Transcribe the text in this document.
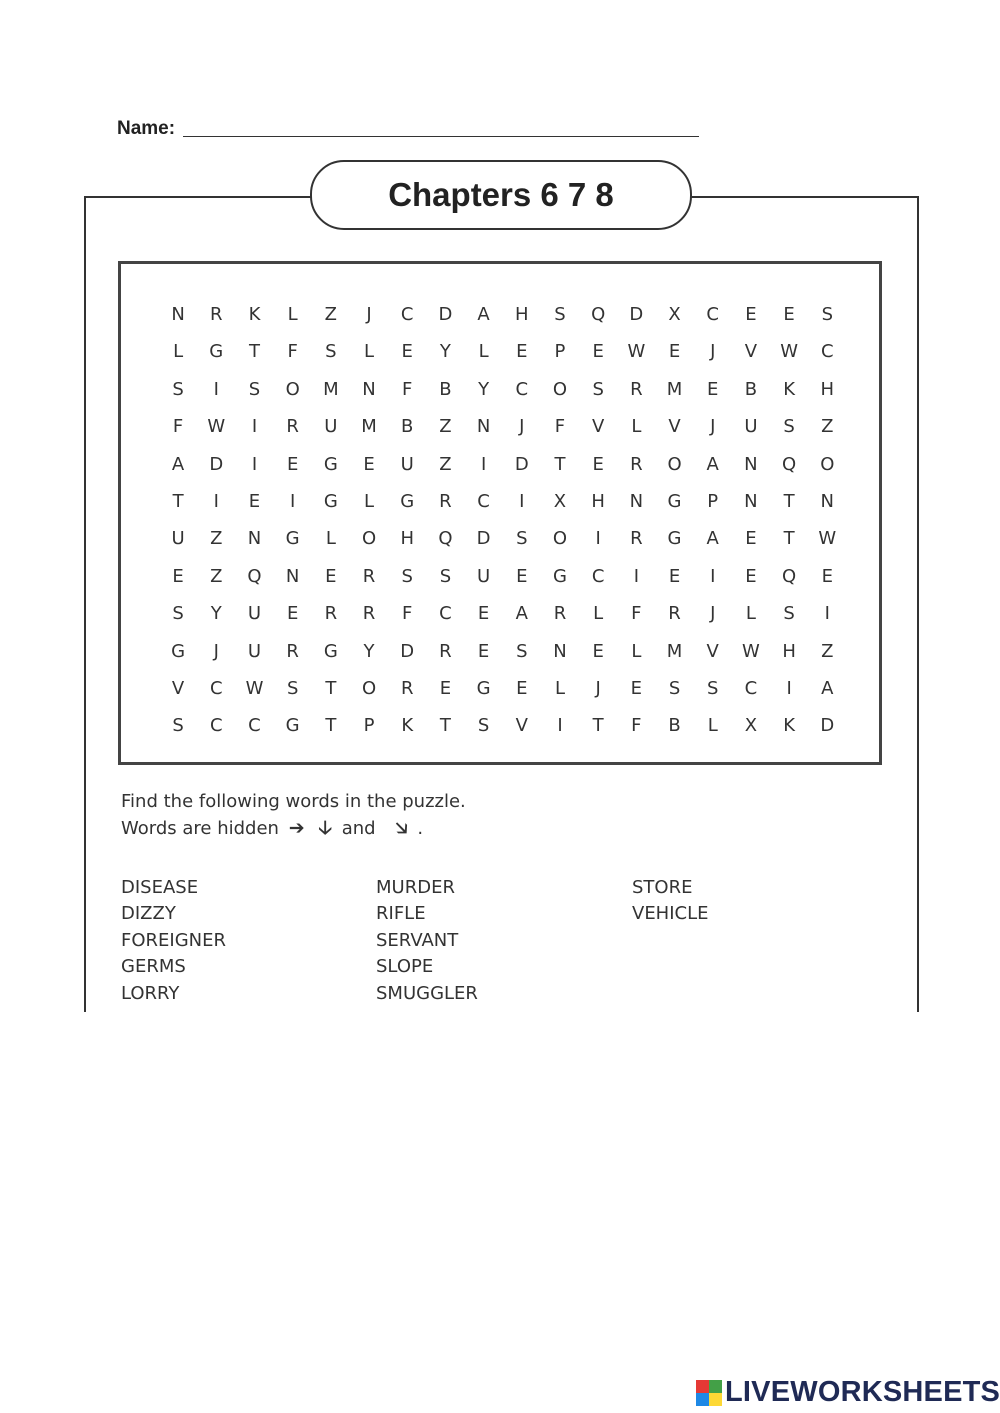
Name:
Chapters 6 7 8
N	R	K	L	Z	J	C	D	A	H	S	Q	D	X	C	E	E	S
L	G	T	F	S	L	E	Y	L	E	P	E	W	E	J	V	W	C
S	I	S	O	M	N	F	B	Y	C	O	S	R	M	E	B	K	H
F	W	I	R	U	M	B	Z	N	J	F	V	L	V	J	U	S	Z
A	D	I	E	G	E	U	Z	I	D	T	E	R	O	A	N	Q	O
T	I	E	I	G	L	G	R	C	I	X	H	N	G	P	N	T	N
U	Z	N	G	L	O	H	Q	D	S	O	I	R	G	A	E	T	W
E	Z	Q	N	E	R	S	S	U	E	G	C	I	E	I	E	Q	E
S	Y	U	E	R	R	F	C	E	A	R	L	F	R	J	L	S	I
G	J	U	R	G	Y	D	R	E	S	N	E	L	M	V	W	H	Z
V	C	W	S	T	O	R	E	G	E	L	J	E	S	S	C	I	A
S	C	C	G	T	P	K	T	S	V	I	T	F	B	L	X	K	D
Find the following words in the puzzle.
Words are hidden ➔ 🡣 and 🡦 .
DISEASE
DIZZY
FOREIGNER
GERMS
LORRY
MURDER
RIFLE
SERVANT
SLOPE
SMUGGLER
STORE
VEHICLE
LIVEWORKSHEETS
